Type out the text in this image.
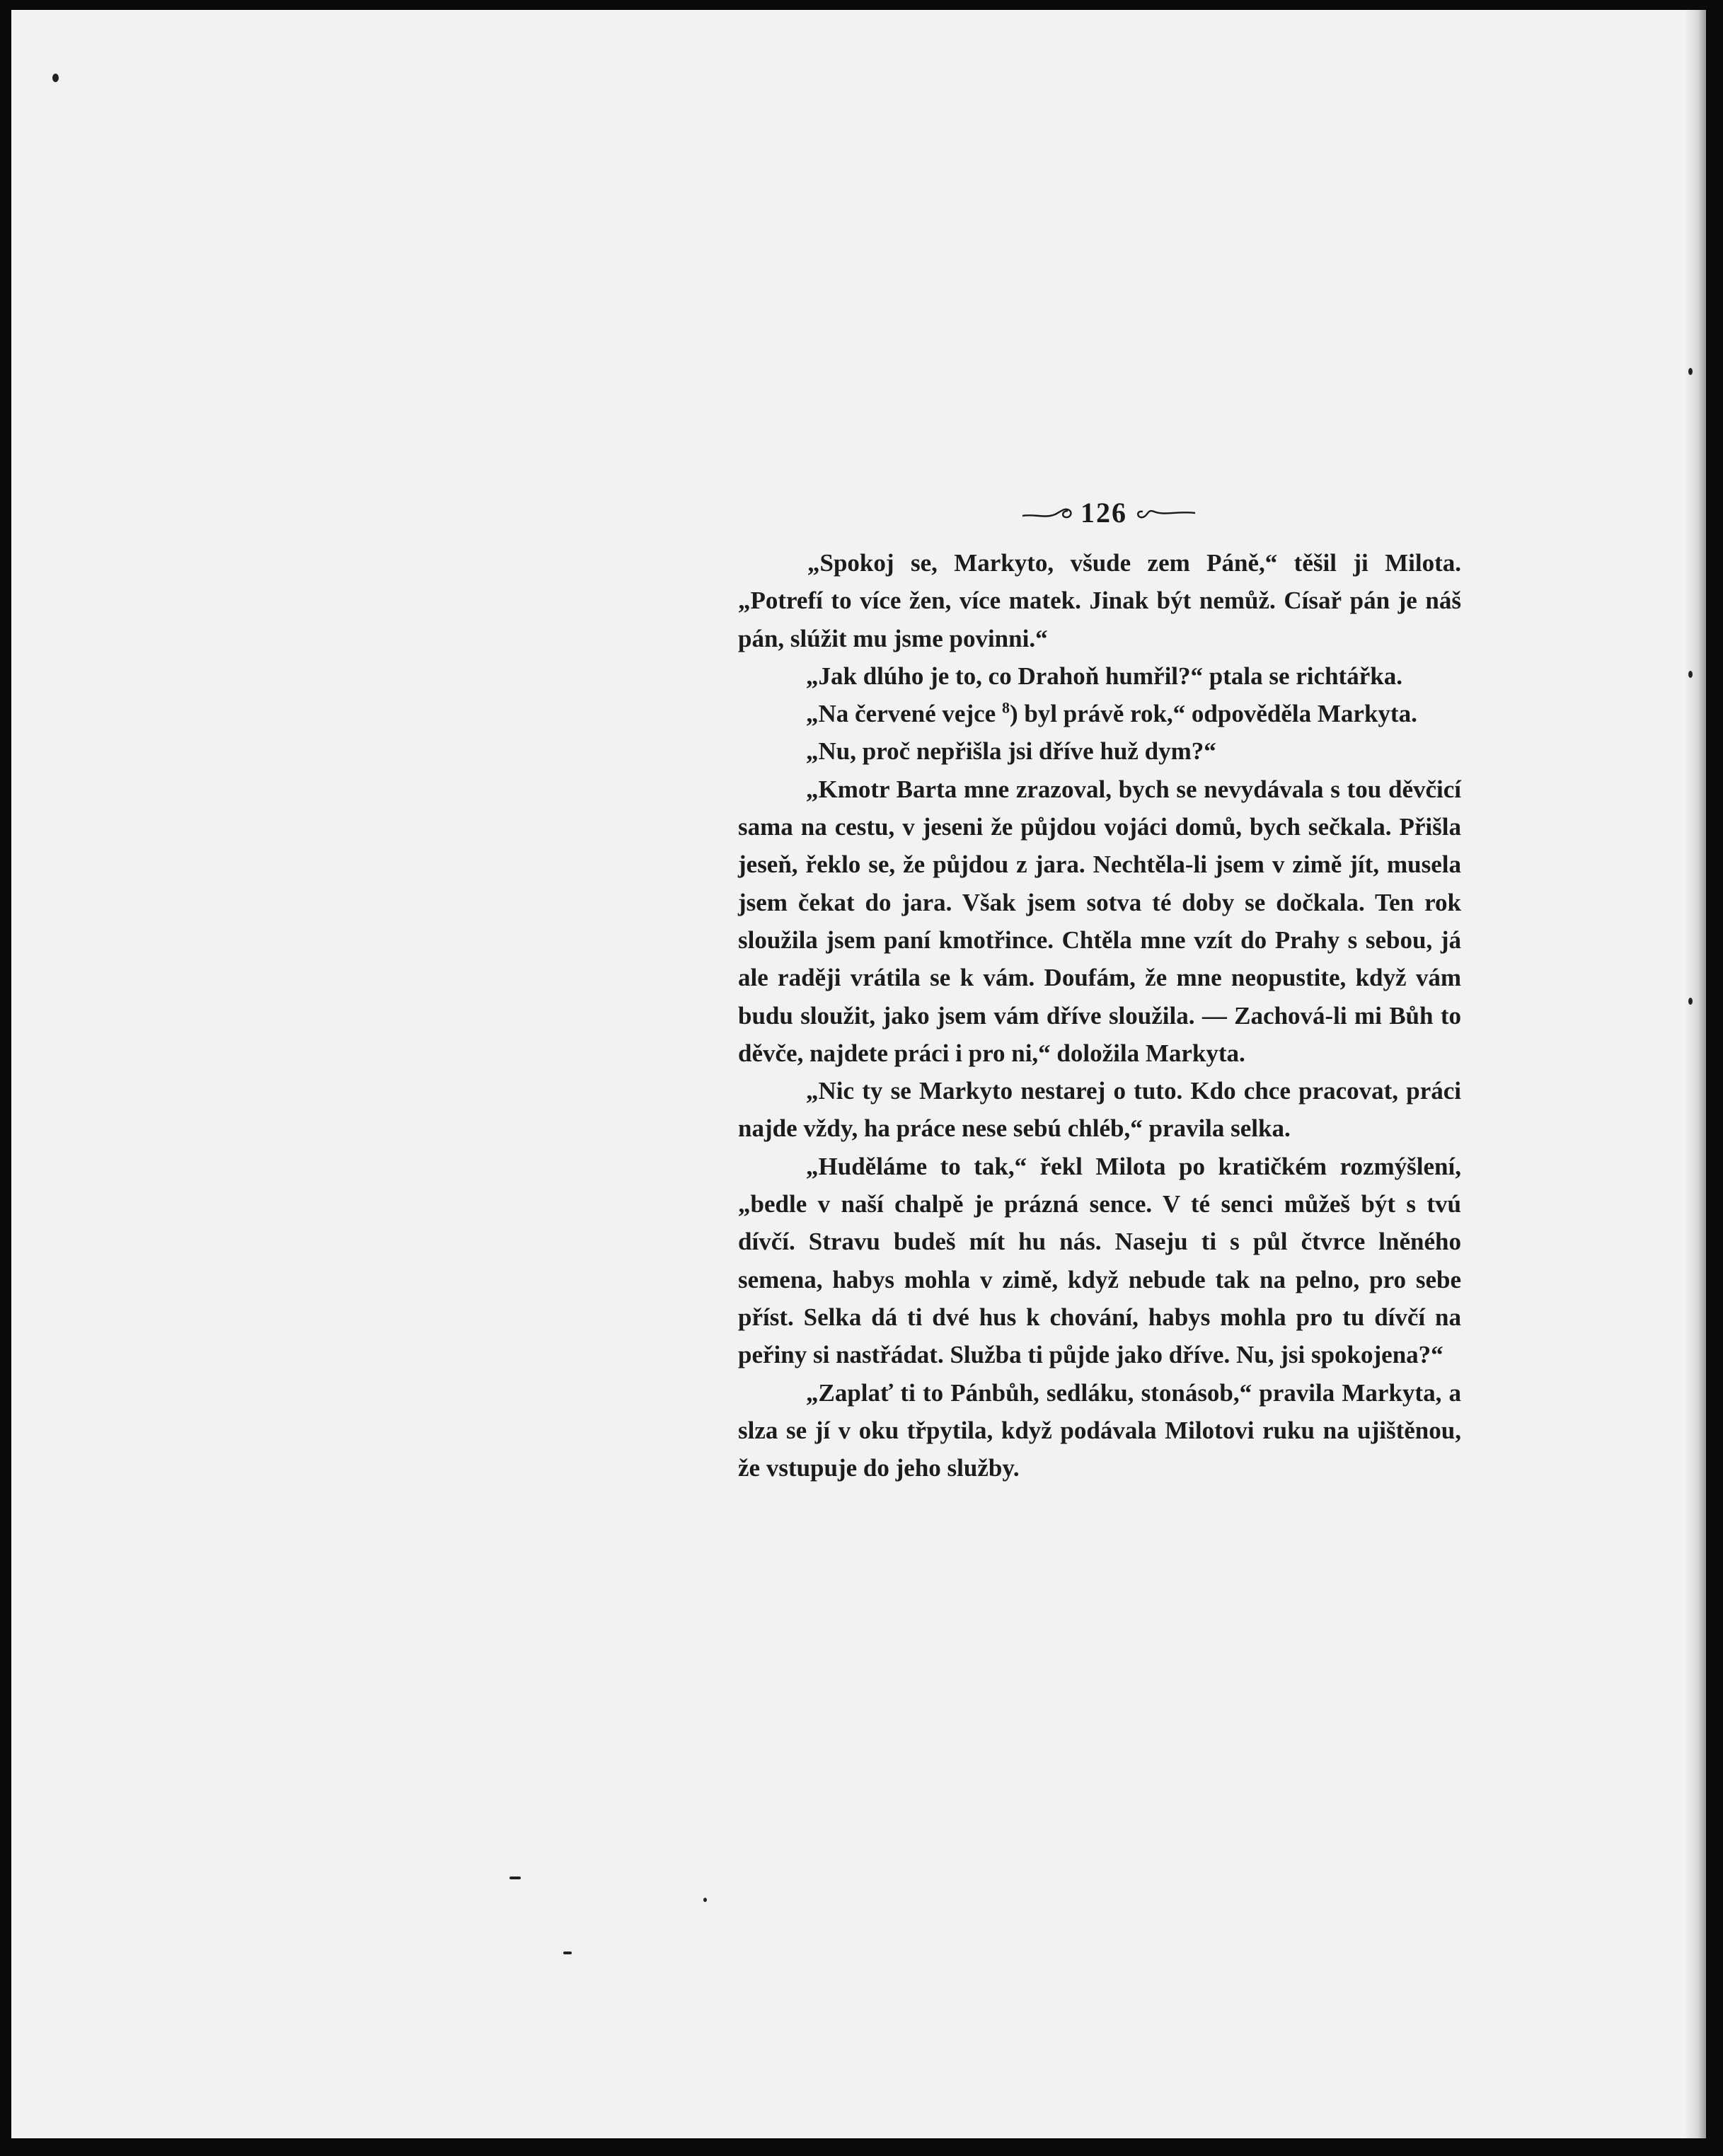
126

„Spokoj se, Markyto, všude zem Páně,“ těšil ji Milota. „Potrefí to více žen, více matek. Jinak být nemůž. Císař pán je náš pán, slúžit mu jsme povinni.“

„Jak dlúho je to, co Drahoň humřil?“ ptala se richtářka.

„Na červené vejce $^8$) byl právě rok,“ odpověděla Markyta.

„Nu, proč nepřišla jsi dříve huž dym?“

„Kmotr Barta mne zrazoval, bych se nevydávala s tou děvčicí sama na cestu, v jeseni že půjdou vojáci domů, bych sečkala. Přišla jeseň, řeklo se, že půjdou z jara. Nechtěla-li jsem v zimě jít, musela jsem čekat do jara. Však jsem sotva té doby se dočkala. Ten rok sloužila jsem paní kmotřince. Chtěla mne vzít do Prahy s sebou, já ale raději vrátila se k vám. Doufám, že mne neopustite, když vám budu sloužit, jako jsem vám dříve sloužila. — Zachová-li mi Bůh to děvče, najdete práci i pro ni,“ doložila Markyta.

„Nic ty se Markyto nestarej o tuto. Kdo chce pracovat, práci najde vždy, ha práce nese sebú chléb,“ pravila selka.

„Huděláme to tak,“ řekl Milota po kratičkém rozmýšlení, „bedle v naší chalpě je prázná sence. V té senci můžeš být s tvú dívčí. Stravu budeš mít hu nás. Naseju ti s půl čtvrce lněného semena, habys mohla v zimě, když nebude tak na pelno, pro sebe příst. Selka dá ti dvé hus k chování, habys mohla pro tu dívčí na peřiny si nastřádat. Služba ti půjde jako dříve. Nu, jsi spokojena?“

„Zaplať ti to Pánbůh, sedláku, stonásob,“ pravila Markyta, a slza se jí v oku třpytila, když podávala Milotovi ruku na ujištěnou, že vstupuje do jeho služby.
